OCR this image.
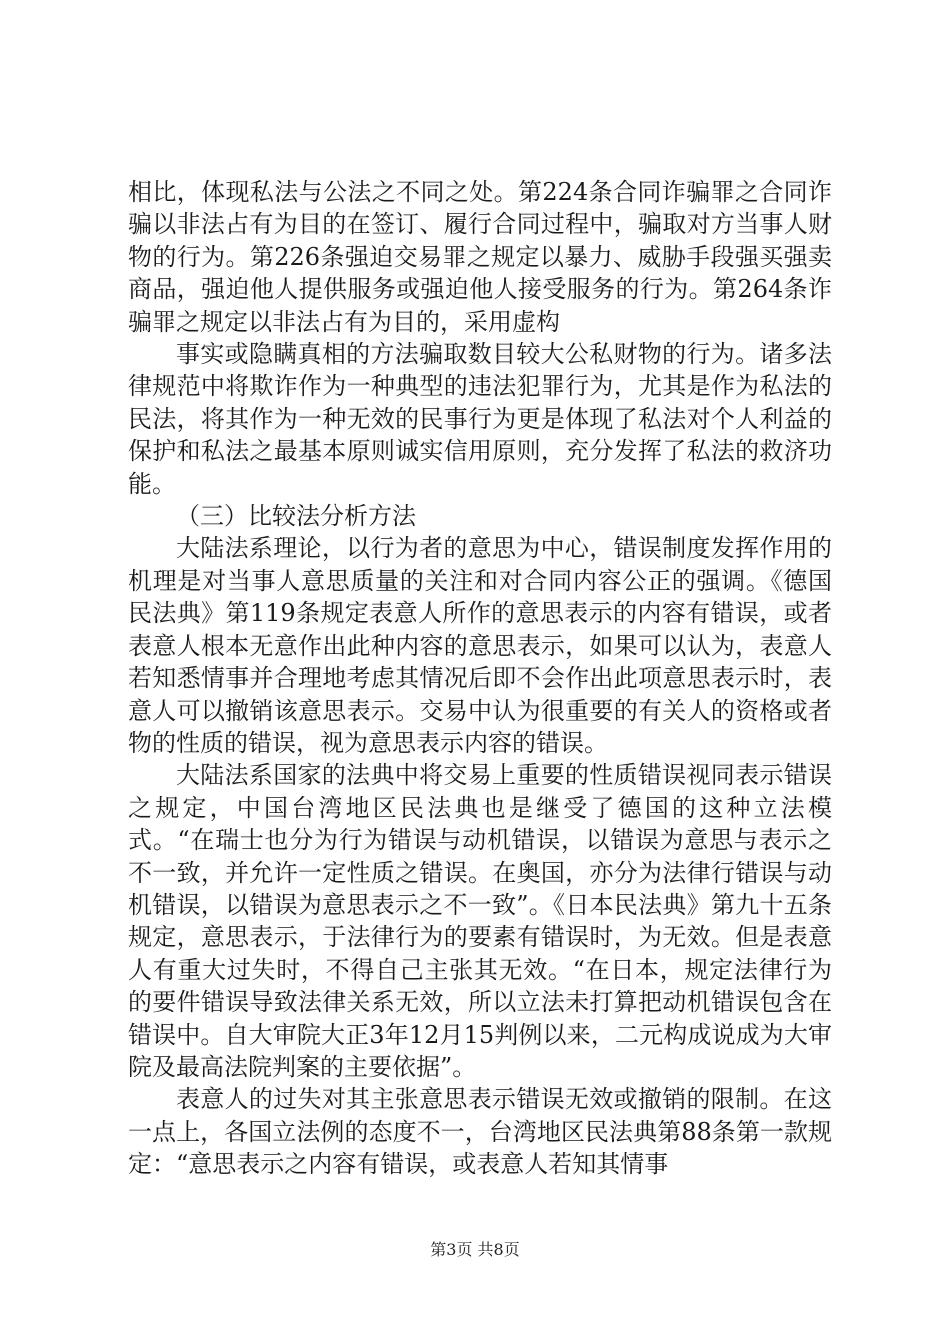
相比，体现私法与公法之不同之处。第224条合同诈骗罪之合同诈骗以非法占有为目的在签订、履行合同过程中，骗取对方当事人财物的行为。第226条强迫交易罪之规定以暴力、威胁手段强买强卖商品，强迫他人提供服务或强迫他人接受服务的行为。第264条诈骗罪之规定以非法占有为目的，采用虚构

事实或隐瞒真相的方法骗取数目较大公私财物的行为。诸多法律规范中将欺诈作为一种典型的违法犯罪行为，尤其是作为私法的民法，将其作为一种无效的民事行为更是体现了私法对个人利益的保护和私法之最基本原则诚实信用原则，充分发挥了私法的救济功能。

（三）比较法分析方法

大陆法系理论，以行为者的意思为中心，错误制度发挥作用的机理是对当事人意思质量的关注和对合同内容公正的强调。《德国民法典》第119条规定表意人所作的意思表示的内容有错误，或者表意人根本无意作出此种内容的意思表示，如果可以认为，表意人若知悉情事并合理地考虑其情况后即不会作出此项意思表示时，表意人可以撤销该意思表示。交易中认为很重要的有关人的资格或者物的性质的错误，视为意思表示内容的错误。

大陆法系国家的法典中将交易上重要的性质错误视同表示错误之规定，中国台湾地区民法典也是继受了德国的这种立法模式。“在瑞士也分为行为错误与动机错误，以错误为意思与表示之不一致，并允许一定性质之错误。在奥国，亦分为法律行错误与动机错误，以错误为意思表示之不一致”。《日本民法典》第九十五条规定，意思表示，于法律行为的要素有错误时，为无效。但是表意人有重大过失时，不得自己主张其无效。“在日本，规定法律行为的要件错误导致法律关系无效，所以立法未打算把动机错误包含在错误中。自大审院大正3年12月15判例以来，二元构成说成为大审院及最高法院判案的主要依据”。

表意人的过失对其主张意思表示错误无效或撤销的限制。在这一点上，各国立法例的态度不一，台湾地区民法典第88条第一款规定：“意思表示之内容有错误，或表意人若知其情事

第3页 共8页
